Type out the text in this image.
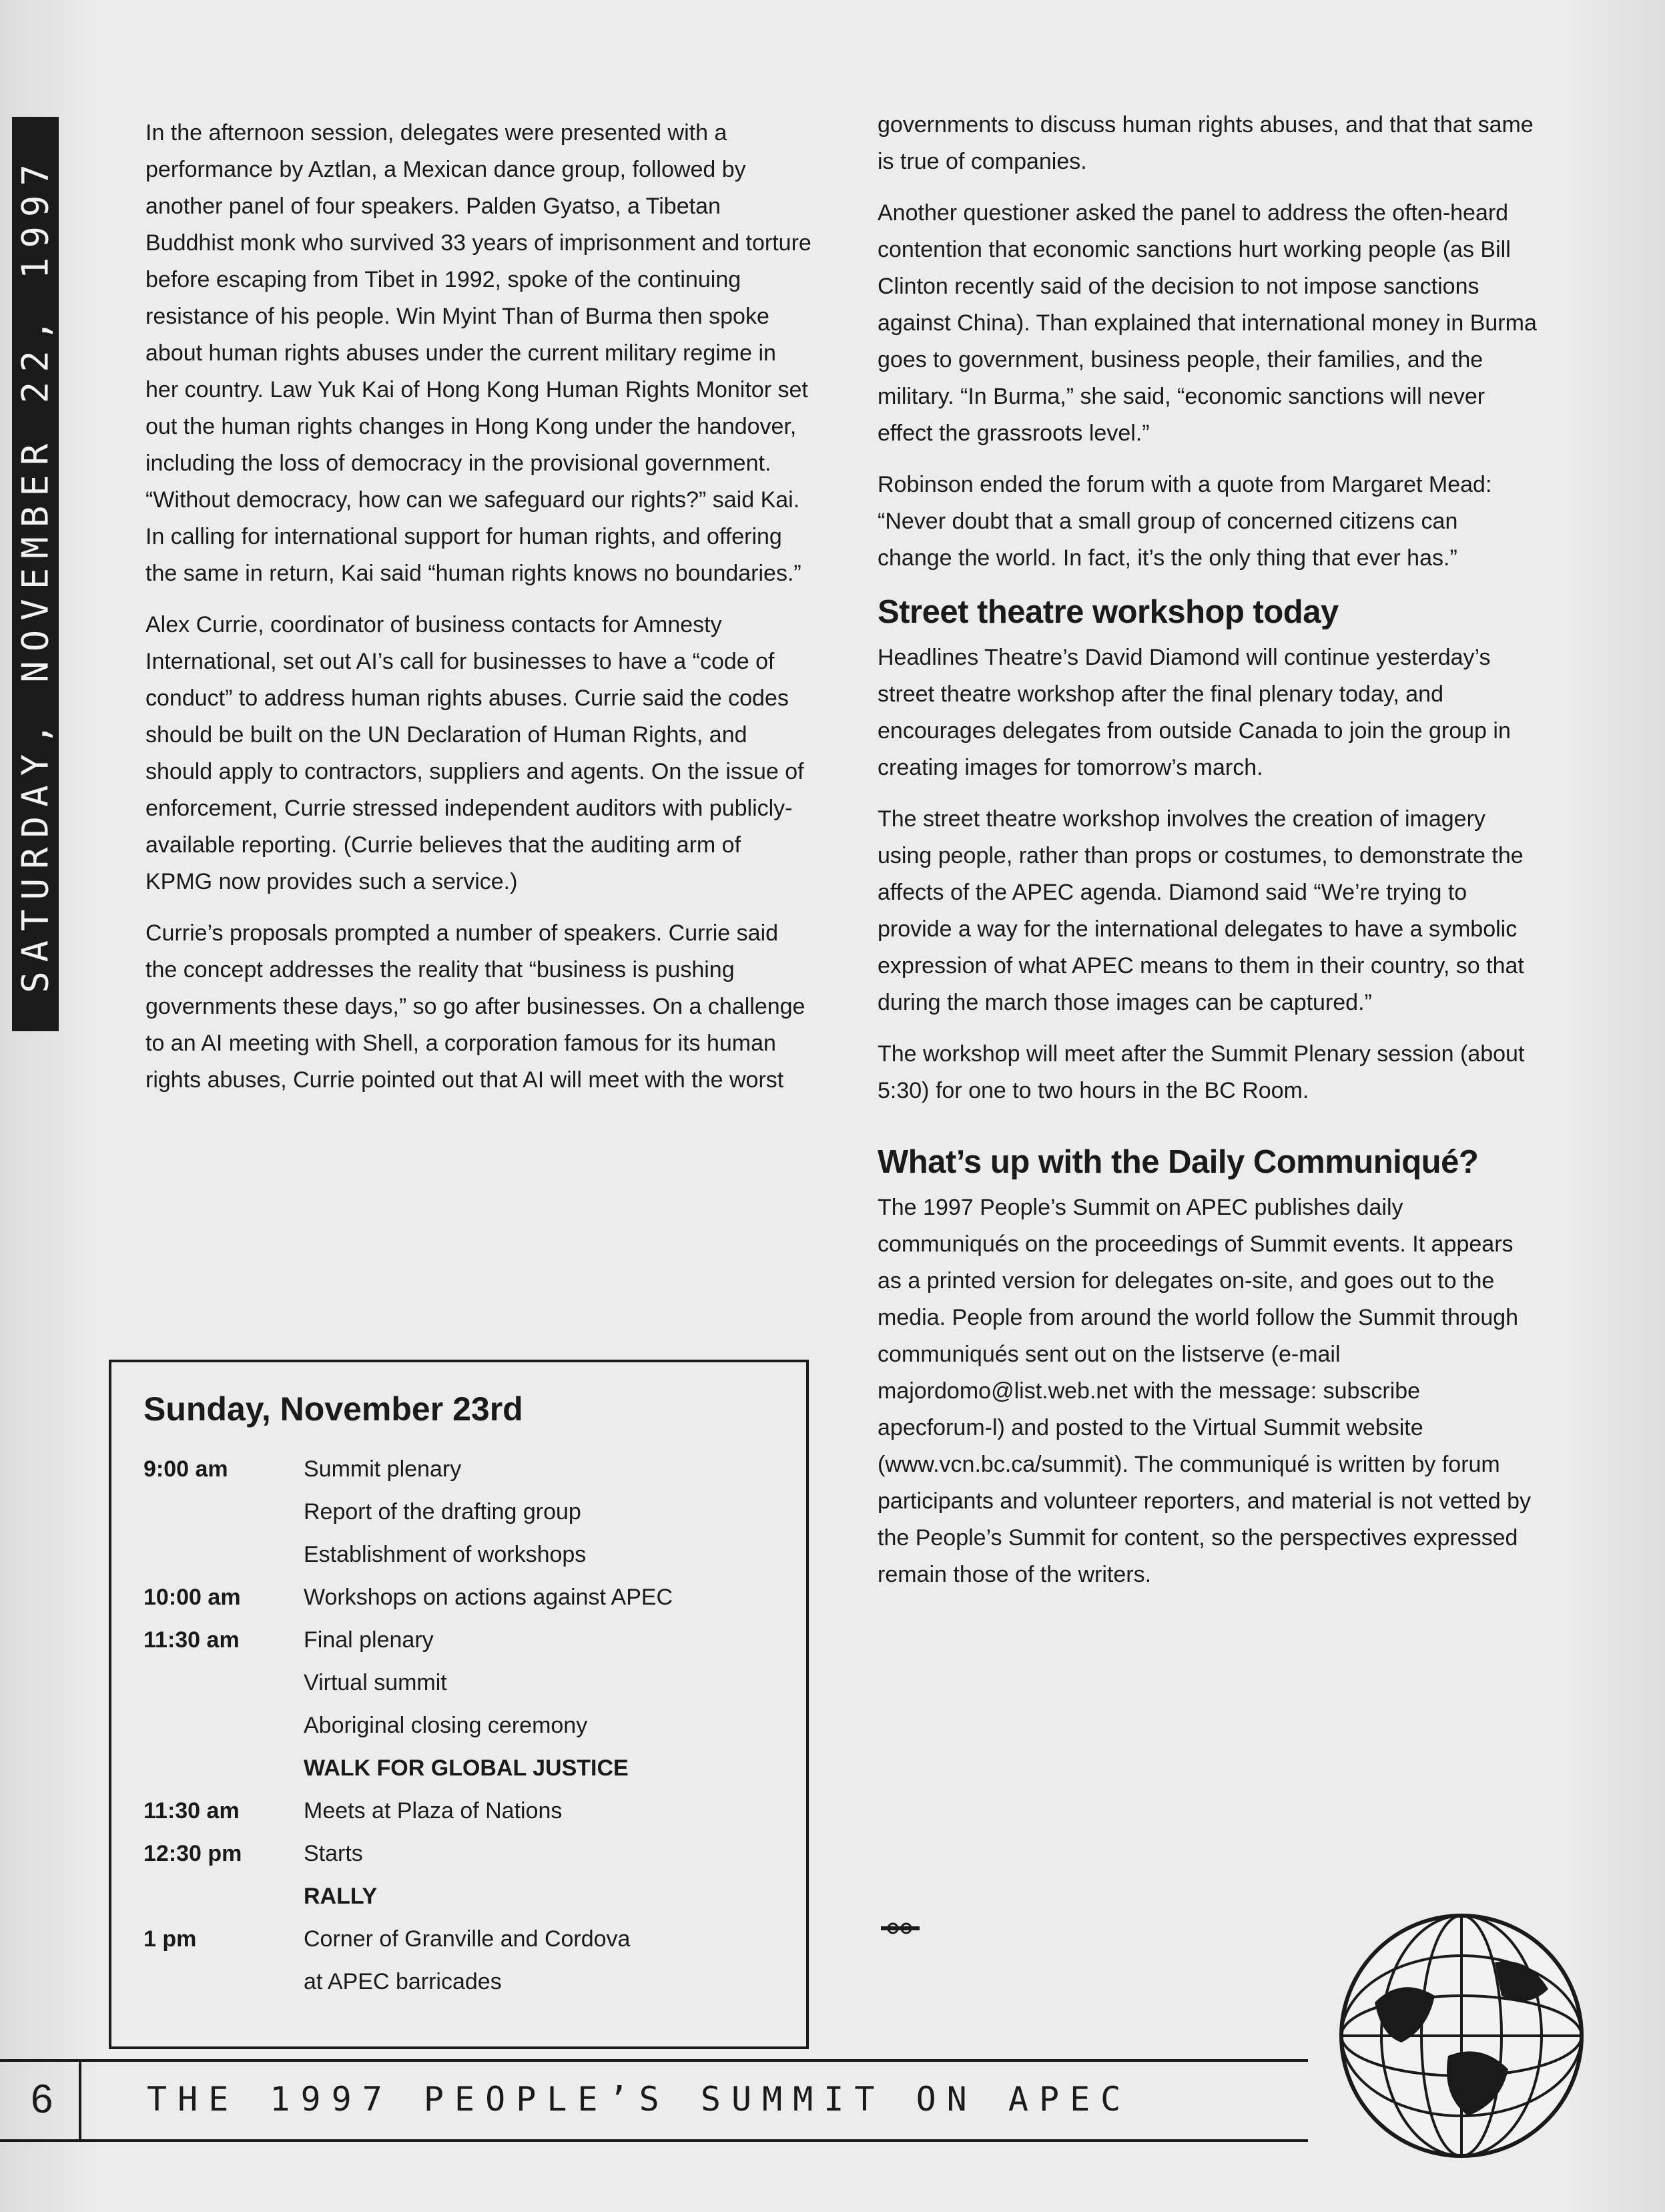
SATURDAY, NOVEMBER 22, 1997

In the afternoon session, delegates were presented with a performance by Aztlan, a Mexican dance group, followed by another panel of four speakers. Palden Gyatso, a Tibetan Buddhist monk who survived 33 years of imprisonment and torture before escaping from Tibet in 1992, spoke of the continuing resistance of his people. Win Myint Than of Burma then spoke about human rights abuses under the current military regime in her country. Law Yuk Kai of Hong Kong Human Rights Monitor set out the human rights changes in Hong Kong under the handover, including the loss of democracy in the provisional government. “Without democracy, how can we safeguard our rights?” said Kai. In calling for international support for human rights, and offering the same in return, Kai said “human rights knows no boundaries.”

Alex Currie, coordinator of business contacts for Amnesty International, set out AI’s call for businesses to have a “code of conduct” to address human rights abuses. Currie said the codes should be built on the UN Declaration of Human Rights, and should apply to contractors, suppliers and agents. On the issue of enforcement, Currie stressed independent auditors with publicly-available reporting. (Currie believes that the auditing arm of KPMG now provides such a service.)

Currie’s proposals prompted a number of speakers. Currie said the concept addresses the reality that “business is pushing governments these days,” so go after businesses. On a challenge to an AI meeting with Shell, a corporation famous for its human rights abuses, Currie pointed out that AI will meet with the worst

governments to discuss human rights abuses, and that that same is true of companies.

Another questioner asked the panel to address the often-heard contention that economic sanctions hurt working people (as Bill Clinton recently said of the decision to not impose sanctions against China). Than explained that international money in Burma goes to government, business people, their families, and the military. “In Burma,” she said, “economic sanctions will never effect the grassroots level.”

Robinson ended the forum with a quote from Margaret Mead: “Never doubt that a small group of concerned citizens can change the world. In fact, it’s the only thing that ever has.”

Street theatre workshop today

Headlines Theatre’s David Diamond will continue yesterday’s street theatre workshop after the final plenary today, and encourages delegates from outside Canada to join the group in creating images for tomorrow’s march.

The street theatre workshop involves the creation of imagery using people, rather than props or costumes, to demonstrate the affects of the APEC agenda. Diamond said “We’re trying to provide a way for the international delegates to have a symbolic expression of what APEC means to them in their country, so that during the march those images can be captured.”

The workshop will meet after the Summit Plenary session (about 5:30) for one to two hours in the BC Room.

What’s up with the Daily Communiqué?

The 1997 People’s Summit on APEC publishes daily communiqués on the proceedings of Summit events. It appears as a printed version for delegates on-site, and goes out to the media. People from around the world follow the Summit through communiqués sent out on the listserve (e-mail majordomo@list.web.net with the message: subscribe apecforum-l) and posted to the Virtual Summit website (www.vcn.bc.ca/summit). The communiqué is written by forum participants and volunteer reporters, and material is not vetted by the People’s Summit for content, so the perspectives expressed remain those of the writers.

Sunday, November 23rd
9:00 am	Summit plenary
Report of the drafting group
Establishment of workshops
10:00 am	Workshops on actions against APEC
11:30 am	Final plenary
Virtual summit
Aboriginal closing ceremony
WALK FOR GLOBAL JUSTICE
11:30 am	Meets at Plaza of Nations
12:30 pm	Starts
RALLY
1 pm	Corner of Granville and Cordova
at APEC barricades
6	THE 1997 PEOPLE’S SUMMIT ON APEC
